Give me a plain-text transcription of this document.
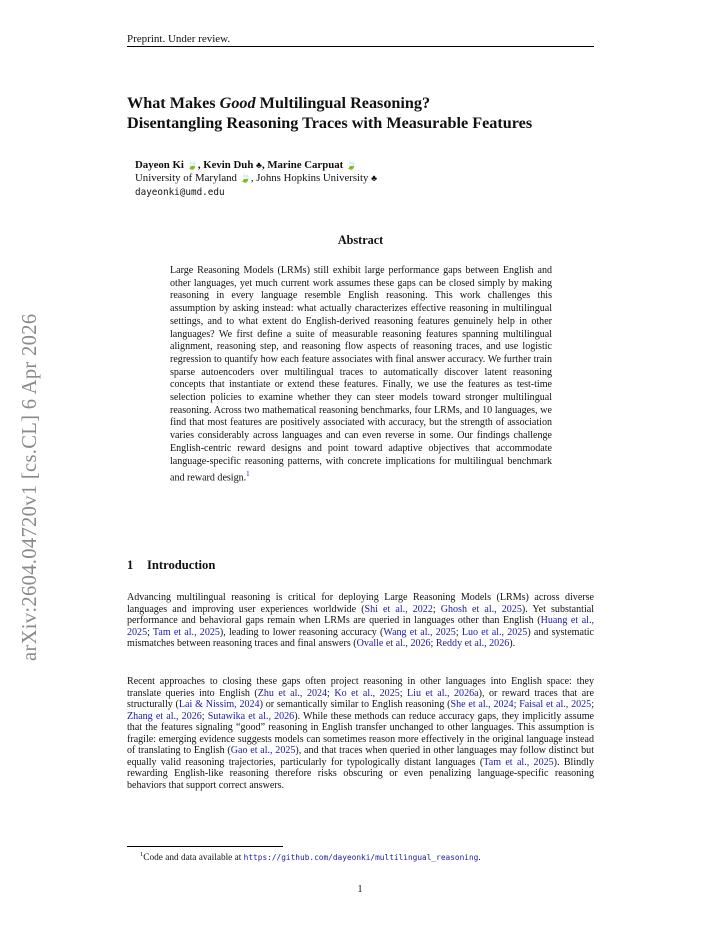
Preprint. Under review.
arXiv:2604.04720v1 [cs.CL] 6 Apr 2026
What Makes Good Multilingual Reasoning?
Disentangling Reasoning Traces with Measurable Features
Dayeon Ki 🍃, Kevin Duh ♣, Marine Carpuat 🍃
University of Maryland 🍃, Johns Hopkins University ♣
dayeonki@umd.edu
Abstract

Large Reasoning Models (LRMs) still exhibit large performance gaps between English and other languages, yet much current work assumes these gaps can be closed simply by making reasoning in every language resemble English reasoning. This work challenges this assumption by asking instead: what actually characterizes effective reasoning in multilingual settings, and to what extent do English-derived reasoning features genuinely help in other languages? We first define a suite of measurable reasoning features spanning multilingual alignment, reasoning step, and reasoning flow aspects of reasoning traces, and use logistic regression to quantify how each feature associates with final answer accuracy. We further train sparse autoencoders over multilingual traces to automatically discover latent reasoning concepts that instantiate or extend these features. Finally, we use the features as test-time selection policies to examine whether they can steer models toward stronger multilingual reasoning. Across two mathematical reasoning benchmarks, four LRMs, and 10 languages, we find that most features are positively associated with accuracy, but the strength of association varies considerably across languages and can even reverse in some. Our findings challenge English-centric reward designs and point toward adaptive objectives that accommodate language-specific reasoning patterns, with concrete implications for multilingual benchmark and reward design.$^1$

1 Introduction

Advancing multilingual reasoning is critical for deploying Large Reasoning Models (LRMs) across diverse languages and improving user experiences worldwide (Shi et al., 2022; Ghosh et al., 2025). Yet substantial performance and behavioral gaps remain when LRMs are queried in languages other than English (Huang et al., 2025; Tam et al., 2025), leading to lower reasoning accuracy (Wang et al., 2025; Luo et al., 2025) and systematic mismatches between reasoning traces and final answers (Ovalle et al., 2026; Reddy et al., 2026).

Recent approaches to closing these gaps often project reasoning in other languages into English space: they translate queries into English (Zhu et al., 2024; Ko et al., 2025; Liu et al., 2026a), or reward traces that are structurally (Lai & Nissim, 2024) or semantically similar to English reasoning (She et al., 2024; Faisal et al., 2025; Zhang et al., 2026; Sutawika et al., 2026). While these methods can reduce accuracy gaps, they implicitly assume that the features signaling “good” reasoning in English transfer unchanged to other languages. This assumption is fragile: emerging evidence suggests models can sometimes reason more effectively in the original language instead of translating to English (Gao et al., 2025), and that traces when queried in other languages may follow distinct but equally valid reasoning trajectories, particularly for typologically distant languages (Tam et al., 2025). Blindly rewarding English-like reasoning therefore risks obscuring or even penalizing language-specific reasoning behaviors that support correct answers.

$^1$Code and data available at https://github.com/dayeonki/multilingual_reasoning.
1
